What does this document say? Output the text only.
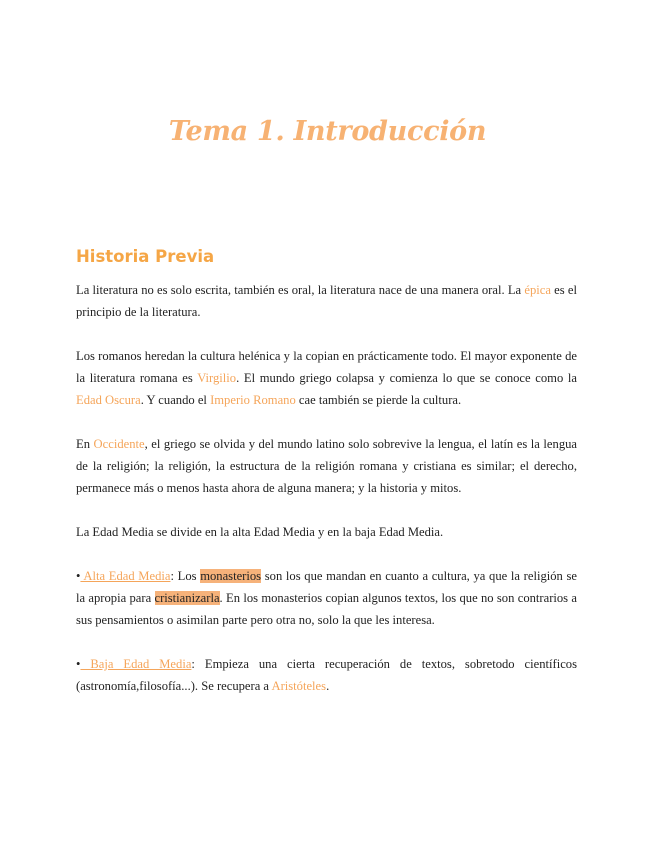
Tema 1. Introducción
Historia Previa

La literatura no es solo escrita, también es oral, la literatura nace de una manera oral. La épica es el principio de la literatura.

Los romanos heredan la cultura helénica y la copian en prácticamente todo. El mayor exponente de la literatura romana es Virgilio. El mundo griego colapsa y comienza lo que se conoce como la Edad Oscura. Y cuando el Imperio Romano cae también se pierde la cultura.

En Occidente, el griego se olvida y del mundo latino solo sobrevive la lengua, el latín es la lengua de la religión; la religión, la estructura de la religión romana y cristiana es similar; el derecho, permanece más o menos hasta ahora de alguna manera; y la historia y mitos.

La Edad Media se divide en la alta Edad Media y en la baja Edad Media.

• Alta Edad Media: Los monasterios son los que mandan en cuanto a cultura, ya que la religión se la apropia para cristianizarla. En los monasterios copian algunos textos, los que no son contrarios a sus pensamientos o asimilan parte pero otra no, solo la que les interesa.

• Baja Edad Media: Empieza una cierta recuperación de textos, sobretodo científicos (astronomía,filosofía...). Se recupera a Aristóteles.
